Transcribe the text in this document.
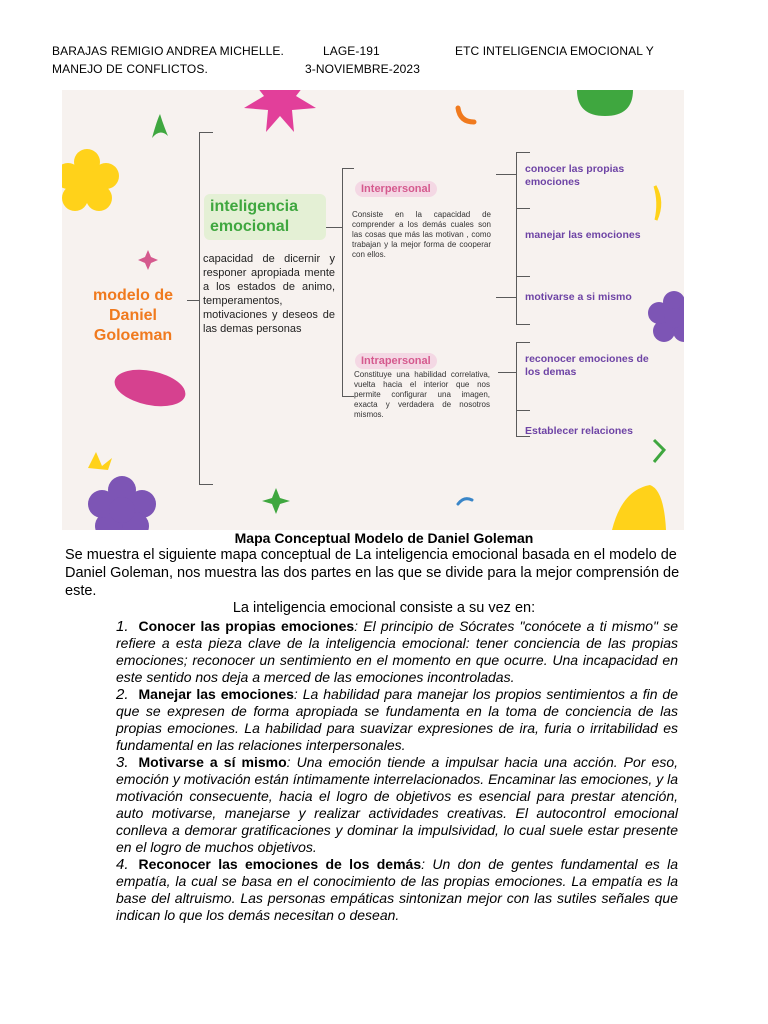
BARAJAS REMIGIO ANDREA MICHELLE.
MANEJO DE CONFLICTOS.
LAGE-191
3-NOVIEMBRE-2023
ETC INTELIGENCIA EMOCIONAL Y
modelo de Daniel Goloeman
inteligencia emocional
capacidad de dicernir y responer apropiada mente a los estados de animo, temperamentos, motivaciones y deseos de las demas personas
Interpersonal
Consiste en la capacidad de comprender a los demás cuales son las cosas que más las motivan , como trabajan y la mejor forma de cooperar con ellos.
Intrapersonal
Constituye una habilidad correlativa, vuelta hacia el interior que nos permite configurar una imagen, exacta y verdadera de nosotros mismos.
conocer las propias emociones
manejar las emociones
motivarse a si mismo
reconocer emociones de los demas
Establecer relaciones
Mapa Conceptual Modelo de Daniel Goleman
Se muestra el siguiente mapa conceptual de La inteligencia emocional basada en el modelo de Daniel Goleman, nos muestra las dos partes en las que se divide para la mejor comprensión de este.
La inteligencia emocional consiste a su vez en:

1. Conocer las propias emociones: El principio de Sócrates "conócete a ti mismo" se refiere a esta pieza clave de la inteligencia emocional: tener conciencia de las propias emociones; reconocer un sentimiento en el momento en que ocurre. Una incapacidad en este sentido nos deja a merced de las emociones incontroladas.

2. Manejar las emociones: La habilidad para manejar los propios sentimientos a fin de que se expresen de forma apropiada se fundamenta en la toma de conciencia de las propias emociones. La habilidad para suavizar expresiones de ira, furia o irritabilidad es fundamental en las relaciones interpersonales.

3. Motivarse a sí mismo: Una emoción tiende a impulsar hacia una acción. Por eso, emoción y motivación están íntimamente interrelacionados. Encaminar las emociones, y la motivación consecuente, hacia el logro de objetivos es esencial para prestar atención, auto motivarse, manejarse y realizar actividades creativas. El autocontrol emocional conlleva a demorar gratificaciones y dominar la impulsividad, lo cual suele estar presente en el logro de muchos objetivos.

4. Reconocer las emociones de los demás: Un don de gentes fundamental es la empatía, la cual se basa en el conocimiento de las propias emociones. La empatía es la base del altruismo. Las personas empáticas sintonizan mejor con las sutiles señales que indican lo que los demás necesitan o desean.
